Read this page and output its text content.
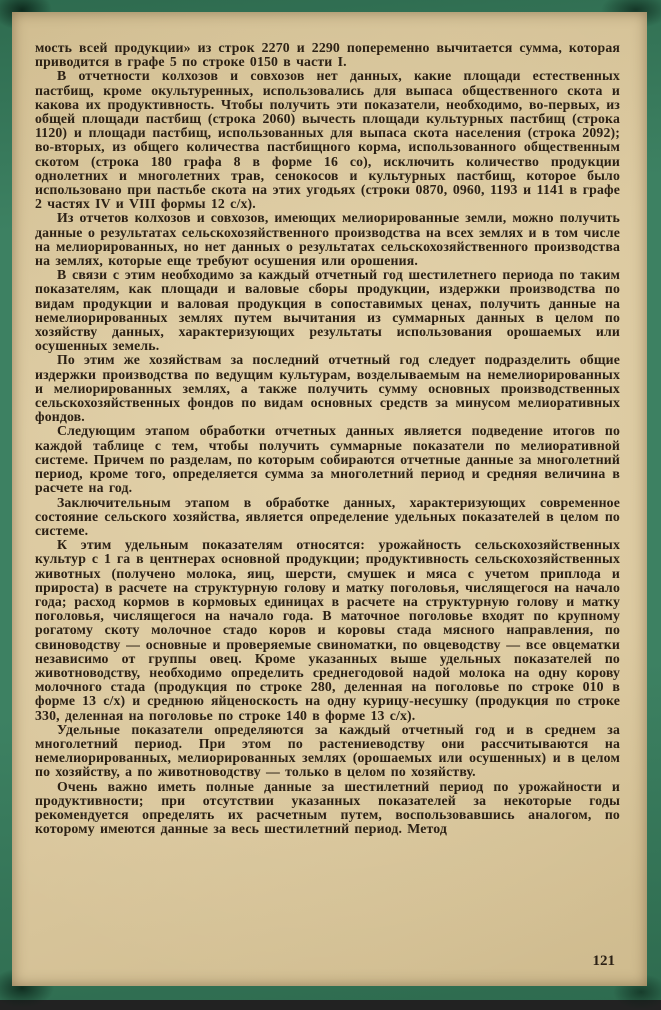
мость всей продукции» из строк 2270 и 2290 попеременно вычитается сумма, которая приводится в графе 5 по строке 0150 в части I.

В отчетности колхозов и совхозов нет данных, какие площади естественных пастбищ, кроме окультуренных, использовались для выпаса общественного скота и какова их продуктивность. Чтобы получить эти показатели, необходимо, во-первых, из общей площади пастбищ (строка 2060) вычесть площади культурных пастбищ (строка 1120) и площади пастбищ, использованных для выпаса скота населения (строка 2092); во-вторых, из общего количества пастбищного корма, использованного общественным скотом (строка 180 графа 8 в форме 16 со), исключить количество продукции однолетних и многолетних трав, сенокосов и культурных пастбищ, которое было использовано при пастьбе скота на этих угодьях (строки 0870, 0960, 1193 и 1141 в графе 2 частях IV и VIII формы 12 с/х).

Из отчетов колхозов и совхозов, имеющих мелиорированные земли, можно получить данные о результатах сельскохозяйственного производства на всех землях и в том числе на мелиорированных, но нет данных о результатах сельскохозяйственного производства на землях, которые еще требуют осушения или орошения.

В связи с этим необходимо за каждый отчетный год шестилетнего периода по таким показателям, как площади и валовые сборы продукции, издержки производства по видам продукции и валовая продукция в сопоставимых ценах, получить данные на немелиорированных землях путем вычитания из суммарных данных в целом по хозяйству данных, характеризующих результаты использования орошаемых или осушенных земель.

По этим же хозяйствам за последний отчетный год следует подразделить общие издержки производства по ведущим культурам, возделываемым на немелиорированных и мелиорированных землях, а также получить сумму основных производственных сельскохозяйственных фондов по видам основных средств за минусом мелиоративных фондов.

Следующим этапом обработки отчетных данных является подведение итогов по каждой таблице с тем, чтобы получить суммарные показатели по мелиоративной системе. Причем по разделам, по которым собираются отчетные данные за многолетний период, кроме того, определяется сумма за многолетний период и средняя величина в расчете на год.

Заключительным этапом в обработке данных, характеризующих современное состояние сельского хозяйства, является определение удельных показателей в целом по системе.

К этим удельным показателям относятся: урожайность сельскохозяйственных культур с 1 га в центнерах основной продукции; продуктивность сельскохозяйственных животных (получено молока, яиц, шерсти, смушек и мяса с учетом приплода и прироста) в расчете на структурную голову и матку поголовья, числящегося на начало года; расход кормов в кормовых единицах в расчете на структурную голову и матку поголовья, числящегося на начало года. В маточное поголовье входят по крупному рогатому скоту молочное стадо коров и коровы стада мясного направления, по свиноводству — основные и проверяемые свиноматки, по овцеводству — все овцематки независимо от группы овец. Кроме указанных выше удельных показателей по животноводству, необходимо определить среднегодовой надой молока на одну корову молочного стада (продукция по строке 280, деленная на поголовье по строке 010 в форме 13 с/х) и среднюю яйценоскость на одну курицу-несушку (продукция по строке 330, деленная на поголовье по строке 140 в форме 13 с/х).

Удельные показатели определяются за каждый отчетный год и в среднем за многолетний период. При этом по растениеводству они рассчитываются на немелиорированных, мелиорированных землях (орошаемых или осушенных) и в целом по хозяйству, а по животноводству — только в целом по хозяйству.

Очень важно иметь полные данные за шестилетний период по урожайности и продуктивности; при отсутствии указанных показателей за некоторые годы рекомендуется определять их расчетным путем, воспользовавшись аналогом, по которому имеются данные за весь шестилетний период. Метод

121
